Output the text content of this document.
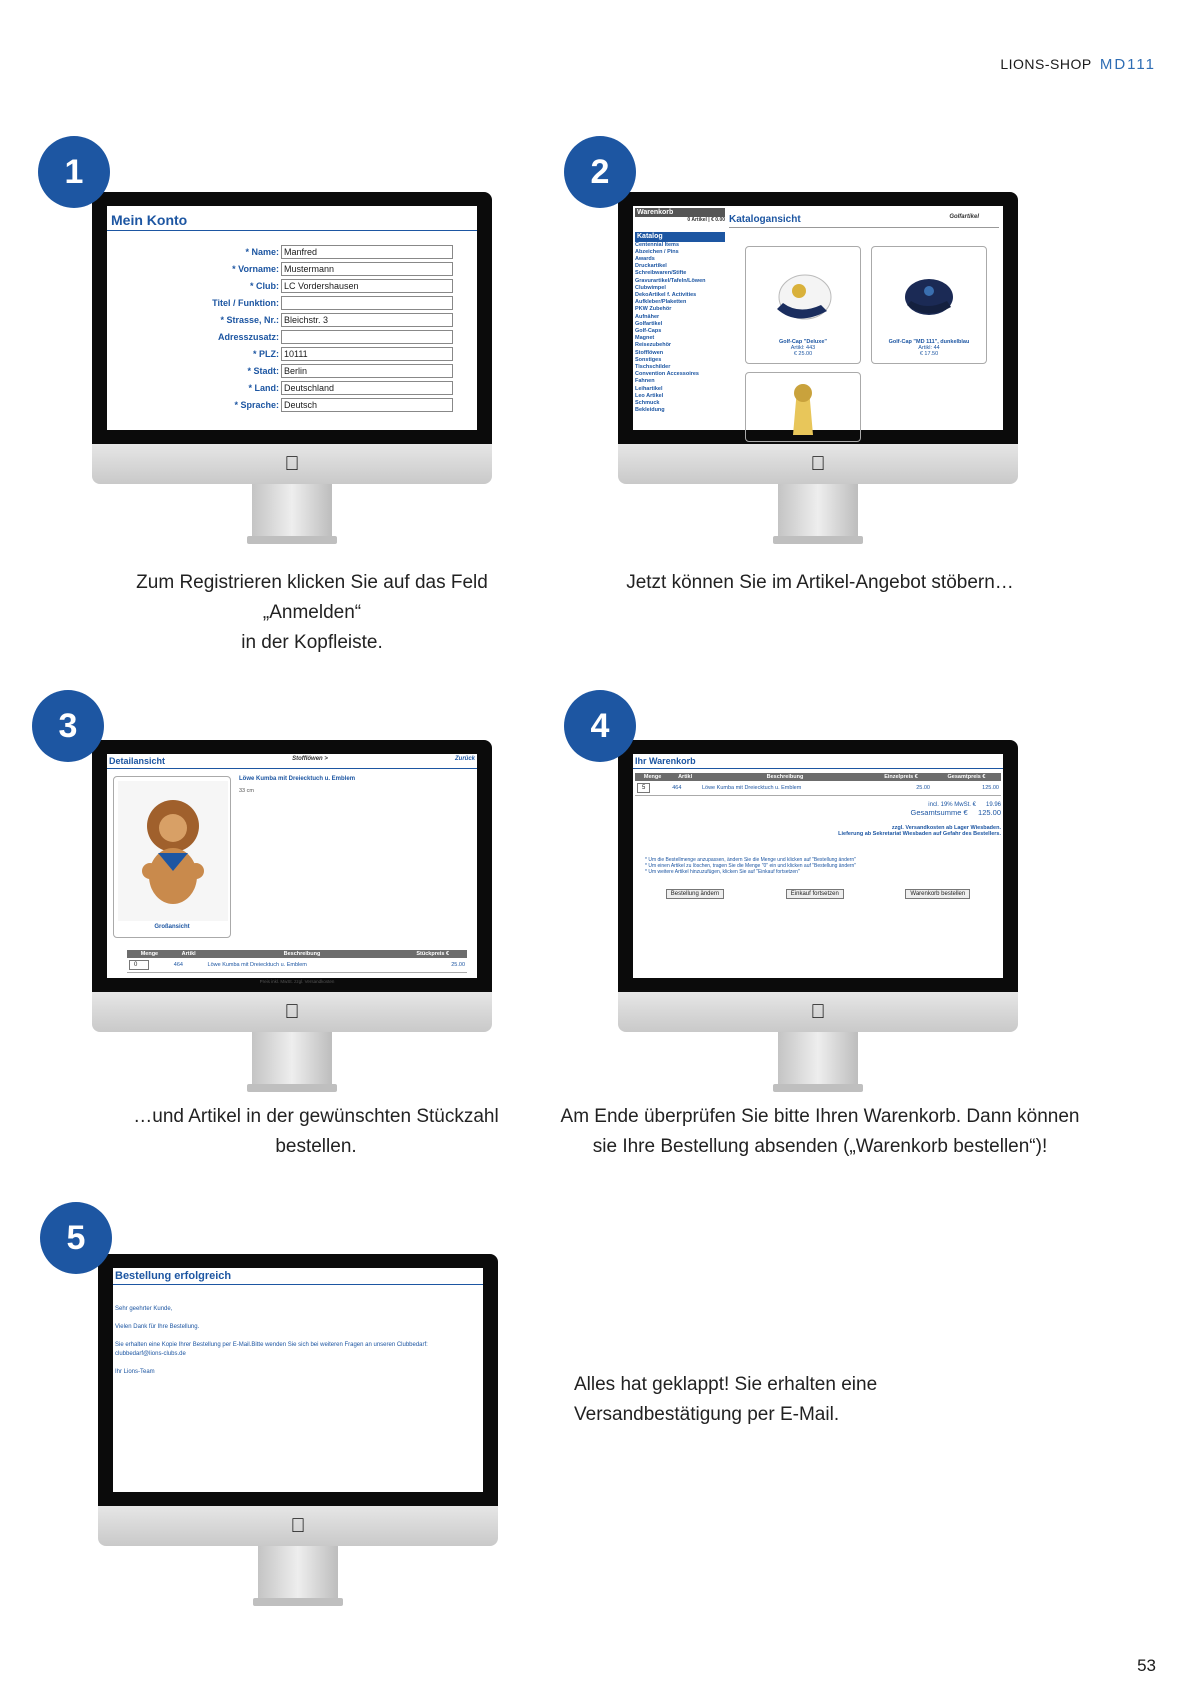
LIONS-SHOP MD111
1
Mein Konto
* Name: Manfred
* Vorname: Mustermann
* Club: LC Vordershausen
Titel / Funktion:
* Strasse, Nr.: Bleichstr. 3
Adresszusatz:
* PLZ: 10111
* Stadt: Berlin
* Land: Deutschland
* Sprache: Deutsch
Zum Registrieren klicken Sie auf das Feld „Anmelden“
in der Kopfleiste.
2
Warenkorb
0 Artikel | € 0.00
Katalog
Centennial Items
Abzeichen / Pins
Awards
Druckartikel
Schreibwaren/Stifte
Gravurartikel/Tafeln/Löwen
Clubwimpel
DekoArtikel f. Activities
Aufkleber/Plaketten
PKW Zubehör
Aufnäher
Golfartikel
Golf-Caps
Magnet
Reisezubehör
Stofflöwen
Sonstiges
Tischschilder
Convention Accessoires
Fahnen
Leihartikel
Leo Artikel
Schmuck
Bekleidung
Katalogansicht	Golfartikel
Golf-Cap "Deluxe"
Artikl: 443
€ 25.00
Golf-Cap "MD 111", dunkelblau
Artikl: 44
€ 17.50
Jetzt können Sie im Artikel-Angebot stöbern…
3
Detailansicht	Stofflöwen >	Zurück
Großansicht
Löwe Kumba mit Dreiecktuch u. Emblem
33 cm
Menge	Artikl	Beschreibung	Stückpreis €
0	464	Löwe Kumba mit Dreiecktuch u. Emblem	25.00
Preis inkl. MwSt. zzgl. Versandkosten
…und Artikel in der gewünschten Stückzahl bestellen.
4
Ihr Warenkorb
Menge	Artikl	Beschreibung	Einzelpreis €	Gesamtpreis €
5	464	Löwe Kumba mit Dreiecktuch u. Emblem	25.00	125.00
incl. 19% MwSt. € 19.96
Gesamtsumme € 125.00
zzgl. Versandkosten ab Lager Wiesbaden.
Lieferung ab Sekretariat Wiesbaden auf Gefahr des Bestellers.
* Um die Bestellmenge anzupassen, ändern Sie die Menge und klicken auf "Bestellung ändern"
* Um einen Artikel zu löschen, tragen Sie die Menge "0" ein und klicken auf "Bestellung ändern"
* Um weitere Artikel hinzuzufügen, klicken Sie auf "Einkauf fortsetzen"
Bestellung ändern	Einkauf fortsetzen	Warenkorb bestellen
Am Ende überprüfen Sie bitte Ihren Warenkorb. Dann können
sie Ihre Bestellung absenden („Warenkorb bestellen“)!
5
Bestellung erfolgreich
Sehr geehrter Kunde,

Vielen Dank für Ihre Bestellung.

Sie erhalten eine Kopie Ihrer Bestellung per E-Mail.Bitte wenden Sie sich bei weiteren Fragen an unseren Clubbedarf:
clubbedarf@lions-clubs.de

Ihr Lions-Team
Alles hat geklappt! Sie erhalten eine
Versandbestätigung per E-Mail.
53
